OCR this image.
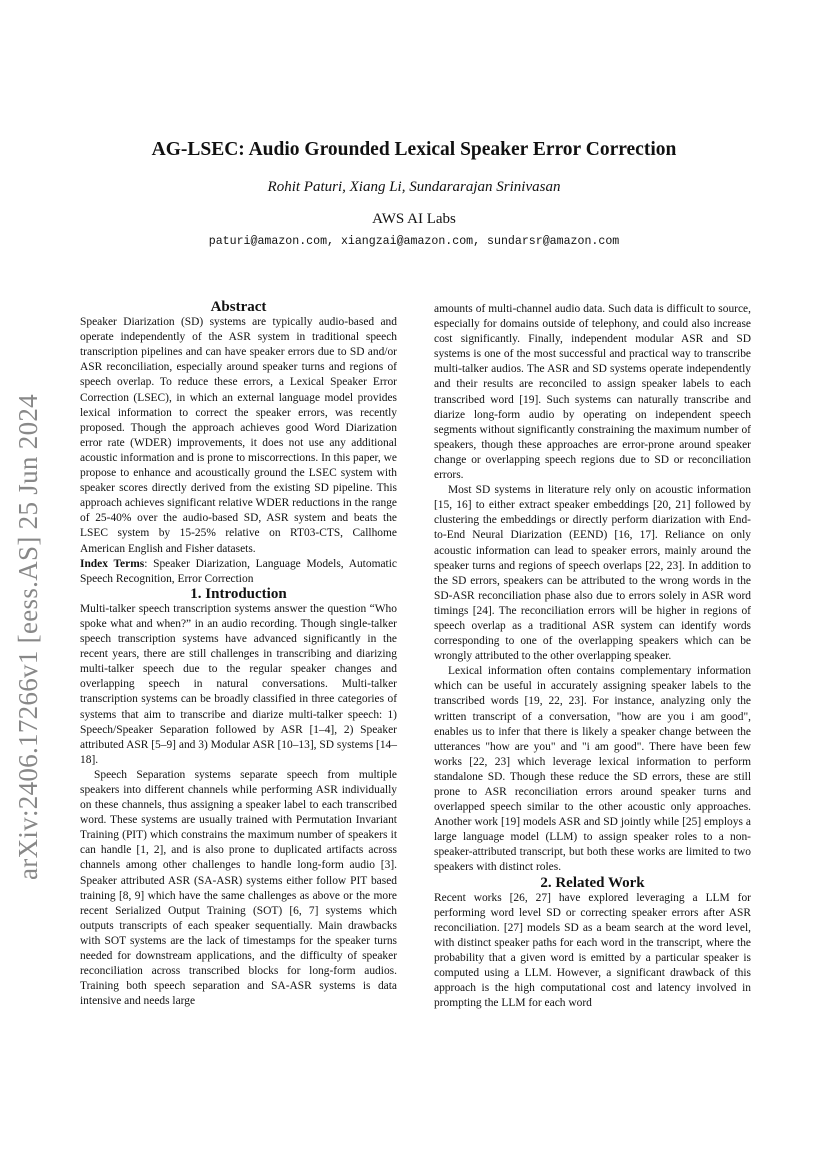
arXiv:2406.17266v1 [eess.AS] 25 Jun 2024
AG-LSEC: Audio Grounded Lexical Speaker Error Correction
Rohit Paturi, Xiang Li, Sundararajan Srinivasan
AWS AI Labs
paturi@amazon.com, xiangzai@amazon.com, sundarsr@amazon.com
Abstract

Speaker Diarization (SD) systems are typically audio-based and operate independently of the ASR system in traditional speech transcription pipelines and can have speaker errors due to SD and/or ASR reconciliation, especially around speaker turns and regions of speech overlap. To reduce these errors, a Lexical Speaker Error Correction (LSEC), in which an external language model provides lexical information to correct the speaker errors, was recently proposed. Though the approach achieves good Word Diarization error rate (WDER) improvements, it does not use any additional acoustic information and is prone to miscorrections. In this paper, we propose to enhance and acoustically ground the LSEC system with speaker scores directly derived from the existing SD pipeline. This approach achieves significant relative WDER reductions in the range of 25-40% over the audio-based SD, ASR system and beats the LSEC system by 15-25% relative on RT03-CTS, Callhome American English and Fisher datasets.

Index Terms: Speaker Diarization, Language Models, Automatic Speech Recognition, Error Correction

1. Introduction

Multi-talker speech transcription systems answer the question “Who spoke what and when?” in an audio recording. Though single-talker speech transcription systems have advanced significantly in the recent years, there are still challenges in transcribing and diarizing multi-talker speech due to the regular speaker changes and overlapping speech in natural conversations. Multi-talker transcription systems can be broadly classified in three categories of systems that aim to transcribe and diarize multi-talker speech: 1) Speech/Speaker Separation followed by ASR [1–4], 2) Speaker attributed ASR [5–9] and 3) Modular ASR [10–13], SD systems [14–18].

Speech Separation systems separate speech from multiple speakers into different channels while performing ASR individually on these channels, thus assigning a speaker label to each transcribed word. These systems are usually trained with Permutation Invariant Training (PIT) which constrains the maximum number of speakers it can handle [1, 2], and is also prone to duplicated artifacts across channels among other challenges to handle long-form audio [3]. Speaker attributed ASR (SA-ASR) systems either follow PIT based training [8, 9] which have the same challenges as above or the more recent Serialized Output Training (SOT) [6, 7] systems which outputs transcripts of each speaker sequentially. Main drawbacks with SOT systems are the lack of timestamps for the speaker turns needed for downstream applications, and the difficulty of speaker reconciliation across transcribed blocks for long-form audios. Training both speech separation and SA-ASR systems is data intensive and needs large

amounts of multi-channel audio data. Such data is difficult to source, especially for domains outside of telephony, and could also increase cost significantly. Finally, independent modular ASR and SD systems is one of the most successful and practical way to transcribe multi-talker audios. The ASR and SD systems operate independently and their results are reconciled to assign speaker labels to each transcribed word [19]. Such systems can naturally transcribe and diarize long-form audio by operating on independent speech segments without significantly constraining the maximum number of speakers, though these approaches are error-prone around speaker change or overlapping speech regions due to SD or reconciliation errors.

Most SD systems in literature rely only on acoustic information [15, 16] to either extract speaker embeddings [20, 21] followed by clustering the embeddings or directly perform diarization with End-to-End Neural Diarization (EEND) [16, 17]. Reliance on only acoustic information can lead to speaker errors, mainly around the speaker turns and regions of speech overlaps [22, 23]. In addition to the SD errors, speakers can be attributed to the wrong words in the SD-ASR reconciliation phase also due to errors solely in ASR word timings [24]. The reconciliation errors will be higher in regions of speech overlap as a traditional ASR system can identify words corresponding to one of the overlapping speakers which can be wrongly attributed to the other overlapping speaker.

Lexical information often contains complementary information which can be useful in accurately assigning speaker labels to the transcribed words [19, 22, 23]. For instance, analyzing only the written transcript of a conversation, "how are you i am good", enables us to infer that there is likely a speaker change between the utterances "how are you" and "i am good". There have been few works [22, 23] which leverage lexical information to perform standalone SD. Though these reduce the SD errors, these are still prone to ASR reconciliation errors around speaker turns and overlapped speech similar to the other acoustic only approaches. Another work [19] models ASR and SD jointly while [25] employs a large language model (LLM) to assign speaker roles to a non-speaker-attributed transcript, but both these works are limited to two speakers with distinct roles.

2. Related Work

Recent works [26, 27] have explored leveraging a LLM for performing word level SD or correcting speaker errors after ASR reconciliation. [27] models SD as a beam search at the word level, with distinct speaker paths for each word in the transcript, where the probability that a given word is emitted by a particular speaker is computed using a LLM. However, a significant drawback of this approach is the high computational cost and latency involved in prompting the LLM for each word
